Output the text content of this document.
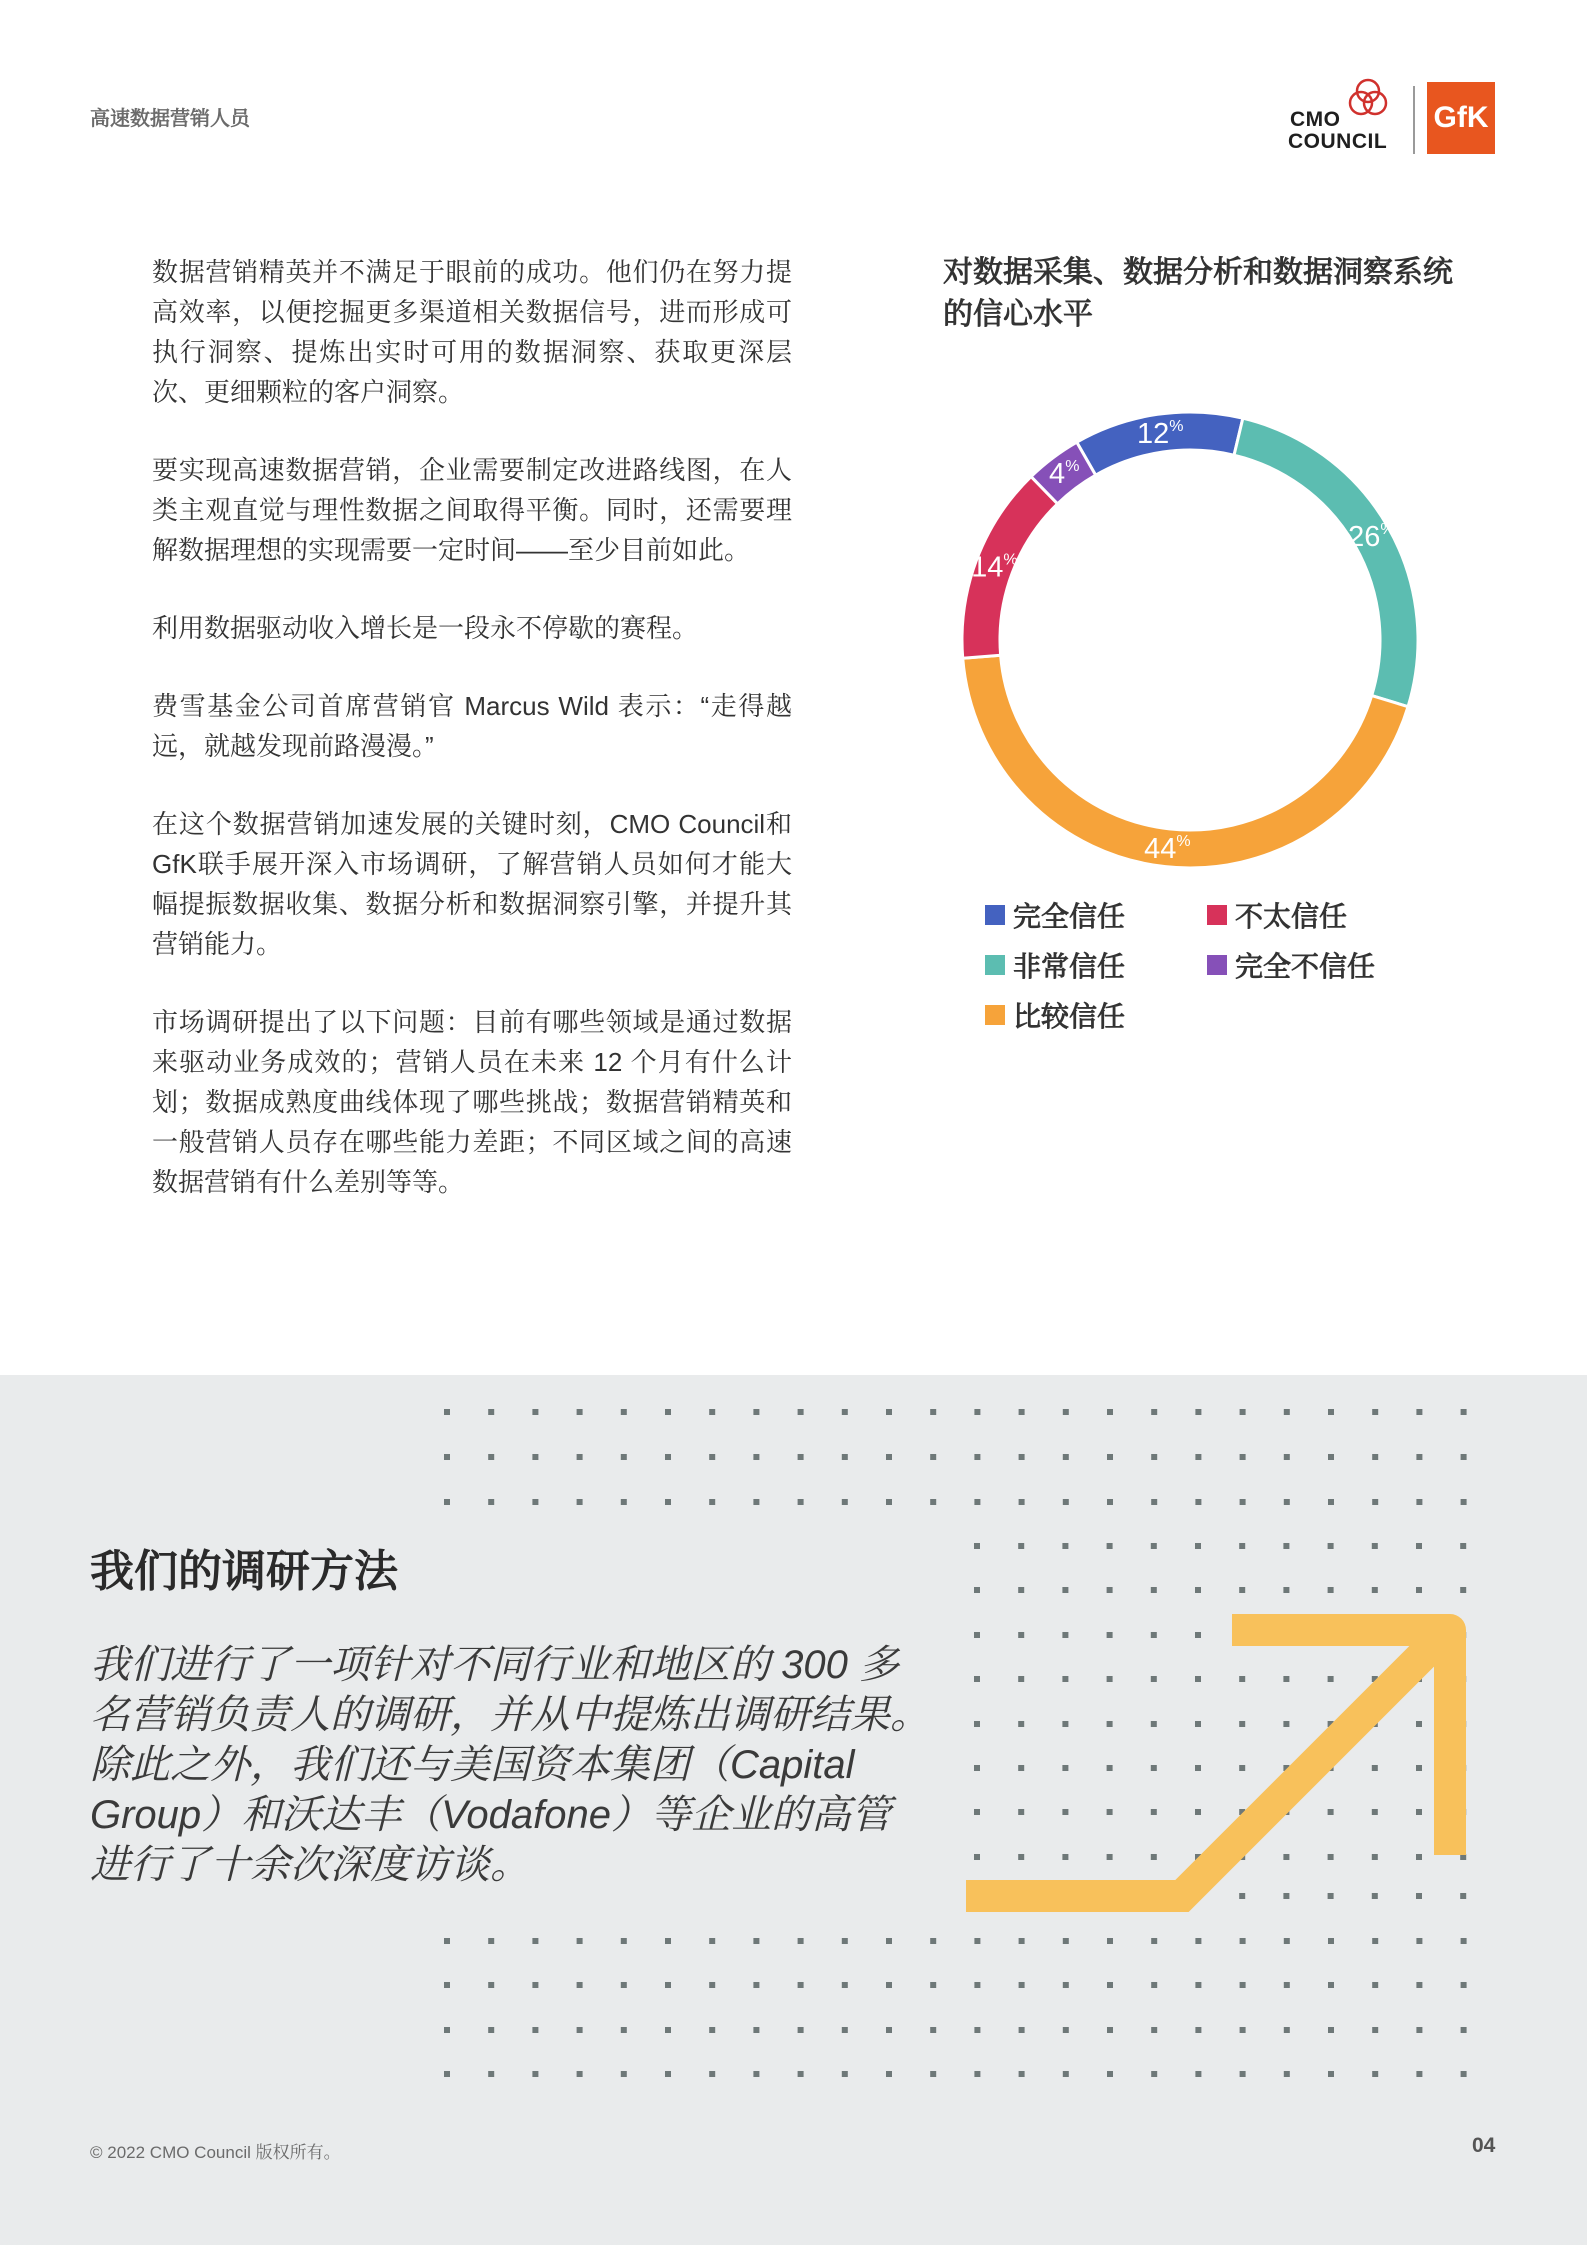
高速数据营销人员	CMO
COUNCIL
GfK

数据营销精英并不满足于眼前的成功。他们仍在努力提高效率，以便挖掘更多渠道相关数据信号，进而形成可执行洞察、提炼出实时可用的数据洞察、获取更深层次、更细颗粒的客户洞察。

要实现高速数据营销，企业需要制定改进路线图，在人类主观直觉与理性数据之间取得平衡。同时，还需要理解数据理想的实现需要一定时间——至少目前如此。

利用数据驱动收入增长是一段永不停歇的赛程。

费雪基金公司首席营销官 Marcus Wild 表示：“走得越远，就越发现前路漫漫。”

在这个数据营销加速发展的关键时刻，CMO Council和GfK联手展开深入市场调研，了解营销人员如何才能大幅提振数据收集、数据分析和数据洞察引擎，并提升其营销能力。

市场调研提出了以下问题：目前有哪些领域是通过数据来驱动业务成效的；营销人员在未来 12 个月有什么计划；数据成熟度曲线体现了哪些挑战；数据营销精英和一般营销人员存在哪些能力差距；不同区域之间的高速数据营销有什么差别等等。

对数据采集、数据分析和数据洞察系统的信心水平
12%
26%
44%
14%
4%
完全信任	不太信任
非常信任	完全不信任
比较信任
我们的调研方法
我们进行了一项针对不同行业和地区的 300 多名营销负责人的调研，并从中提炼出调研结果。除此之外，我们还与美国资本集团（Capital Group）和沃达丰（Vodafone）等企业的高管进行了十余次深度访谈。
© 2022 CMO Council 版权所有。	04
